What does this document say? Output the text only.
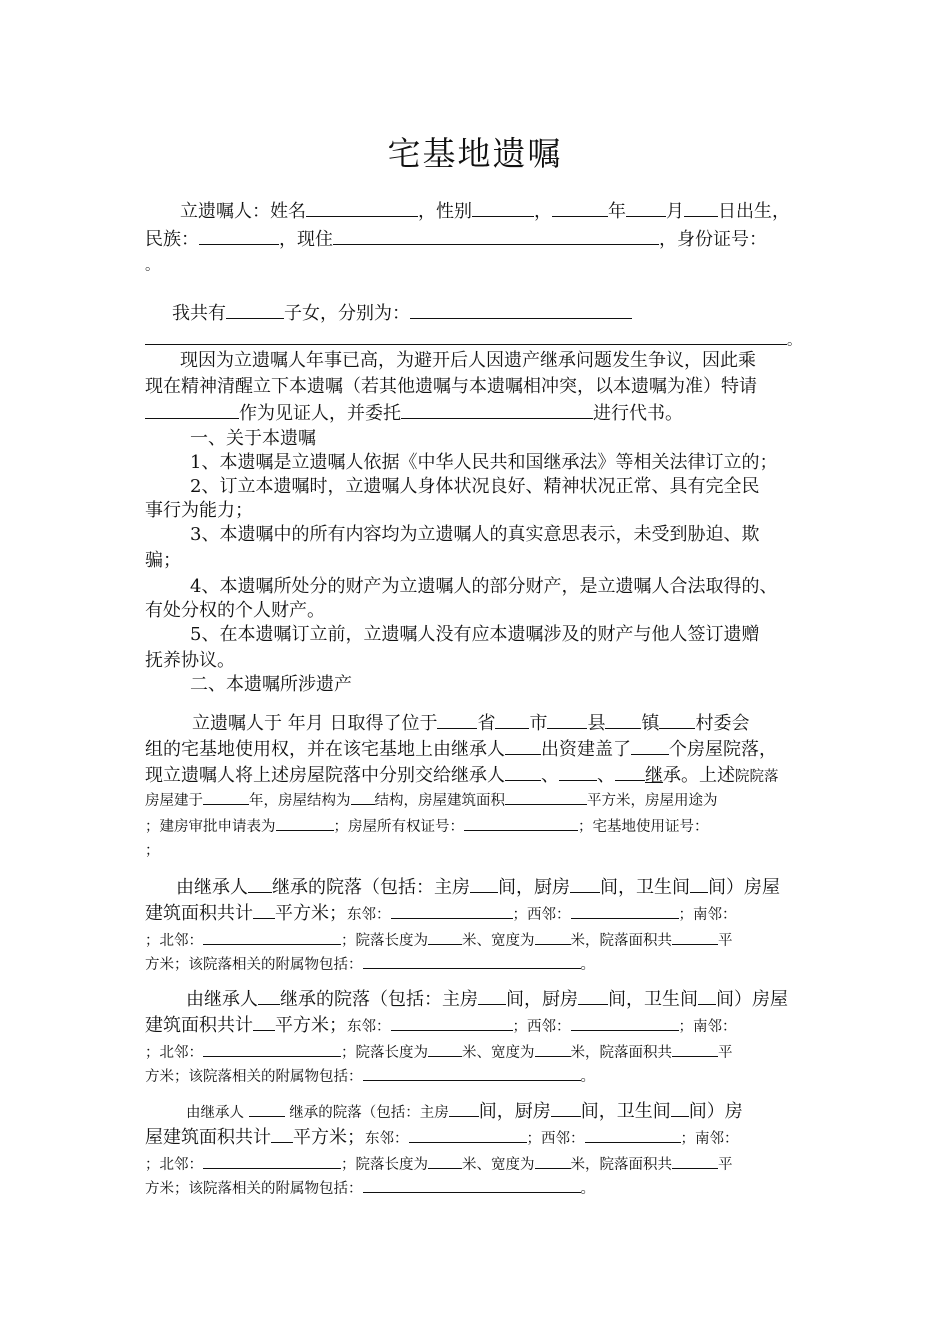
宅基地遗嘱
立遗嘱人：姓名	，性别	，	年 月 日出生，
民族：	，现住	，身份证号：
。
我共有	子女，分别为：
。
现因为立遗嘱人年事已高，为避开后人因遗产继承问题发生争议，因此乘
现在精神清醒立下本遗嘱（若其他遗嘱与本遗嘱相冲突，以本遗嘱为准）特请
作为见证人，并委托	进行代书。
一、关于本遗嘱
1、本遗嘱是立遗嘱人依据《中华人民共和国继承法》等相关法律订立的；
2、订立本遗嘱时，立遗嘱人身体状况良好、精神状况正常、具有完全民
事行为能力；
3、本遗嘱中的所有内容均为立遗嘱人的真实意思表示，未受到胁迫、欺
骗；
4、本遗嘱所处分的财产为立遗嘱人的部分财产，是立遗嘱人合法取得的、
有处分权的个人财产。
5、在本遗嘱订立前，立遗嘱人没有应本遗嘱涉及的财产与他人签订遗赠
抚养协议。
二、本遗嘱所涉遗产
立遗嘱人于 年月 日取得了位于 省 市 县 镇 村委会
组的宅基地使用权，并在该宅基地上由继承人 出资建盖了 个房屋院落，
现立遗嘱人将上述房屋院落中分别交给继承人 、 、 继承。上述院院落
房屋建于	年，房屋结构为 结构，房屋建筑面积	平方米，房屋用途为
；建房审批申请表为	；房屋所有权证号：	；宅基地使用证号：
；
由继承人 继承的院落（包括：主房 间，厨房 间，卫生间 间）房屋
建筑面积共计 平方米；东邻：	；西邻：	；南邻：
；北邻：	；院落长度为 米、宽度为 米，院落面积共	平
方米；该院落相关的附属物包括：	。
由继承人 继承的院落（包括：主房 间，厨房 间，卫生间 间）房屋
建筑面积共计 平方米；东邻：	；西邻：	；南邻：
；北邻：	；院落长度为 米、宽度为 米，院落面积共	平
方米；该院落相关的附属物包括：	。
由继承人	继承的院落（包括：主房 间，厨房 间，卫生间 间）房
屋建筑面积共计 平方米；东邻：	；西邻：	；南邻：
；北邻：	；院落长度为 米、宽度为 米，院落面积共	平
方米；该院落相关的附属物包括：	。
